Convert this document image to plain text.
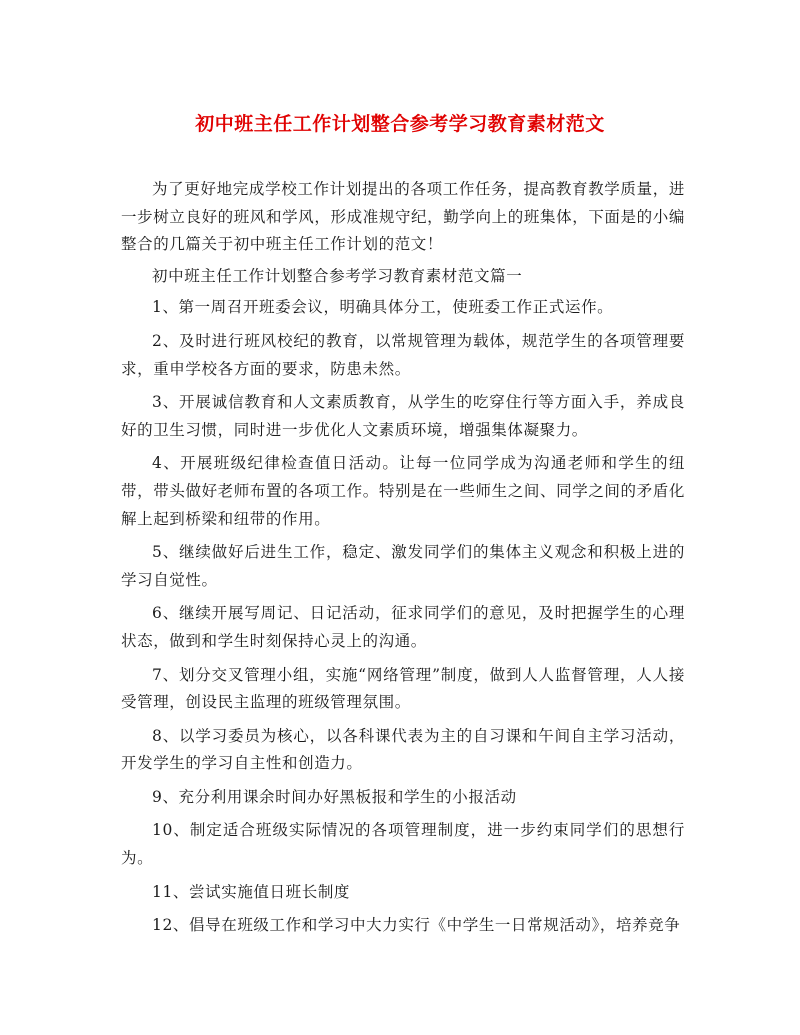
初中班主任工作计划整合参考学习教育素材范文

为了更好地完成学校工作计划提出的各项工作任务，提高教育教学质量，进一步树立良好的班风和学风，形成准规守纪，勤学向上的班集体，下面是的小编整合的几篇关于初中班主任工作计划的范文！

初中班主任工作计划整合参考学习教育素材范文篇一

1、第一周召开班委会议，明确具体分工，使班委工作正式运作。

2、及时进行班风校纪的教育，以常规管理为载体，规范学生的各项管理要求，重申学校各方面的要求，防患未然。

3、开展诚信教育和人文素质教育，从学生的吃穿住行等方面入手，养成良好的卫生习惯，同时进一步优化人文素质环境，增强集体凝聚力。

4、开展班级纪律检查值日活动。让每一位同学成为沟通老师和学生的纽带，带头做好老师布置的各项工作。特别是在一些师生之间、同学之间的矛盾化解上起到桥梁和纽带的作用。

5、继续做好后进生工作，稳定、激发同学们的集体主义观念和积极上进的学习自觉性。

6、继续开展写周记、日记活动，征求同学们的意见，及时把握学生的心理状态，做到和学生时刻保持心灵上的沟通。

7、划分交叉管理小组，实施“网络管理”制度，做到人人监督管理，人人接受管理，创设民主监理的班级管理氛围。

8、以学习委员为核心，以各科课代表为主的自习课和午间自主学习活动，开发学生的学习自主性和创造力。

9、充分利用课余时间办好黑板报和学生的小报活动

10、制定适合班级实际情况的各项管理制度，进一步约束同学们的思想行为。

11、尝试实施值日班长制度

12、倡导在班级工作和学习中大力实行《中学生一日常规活动》，培养竞争
